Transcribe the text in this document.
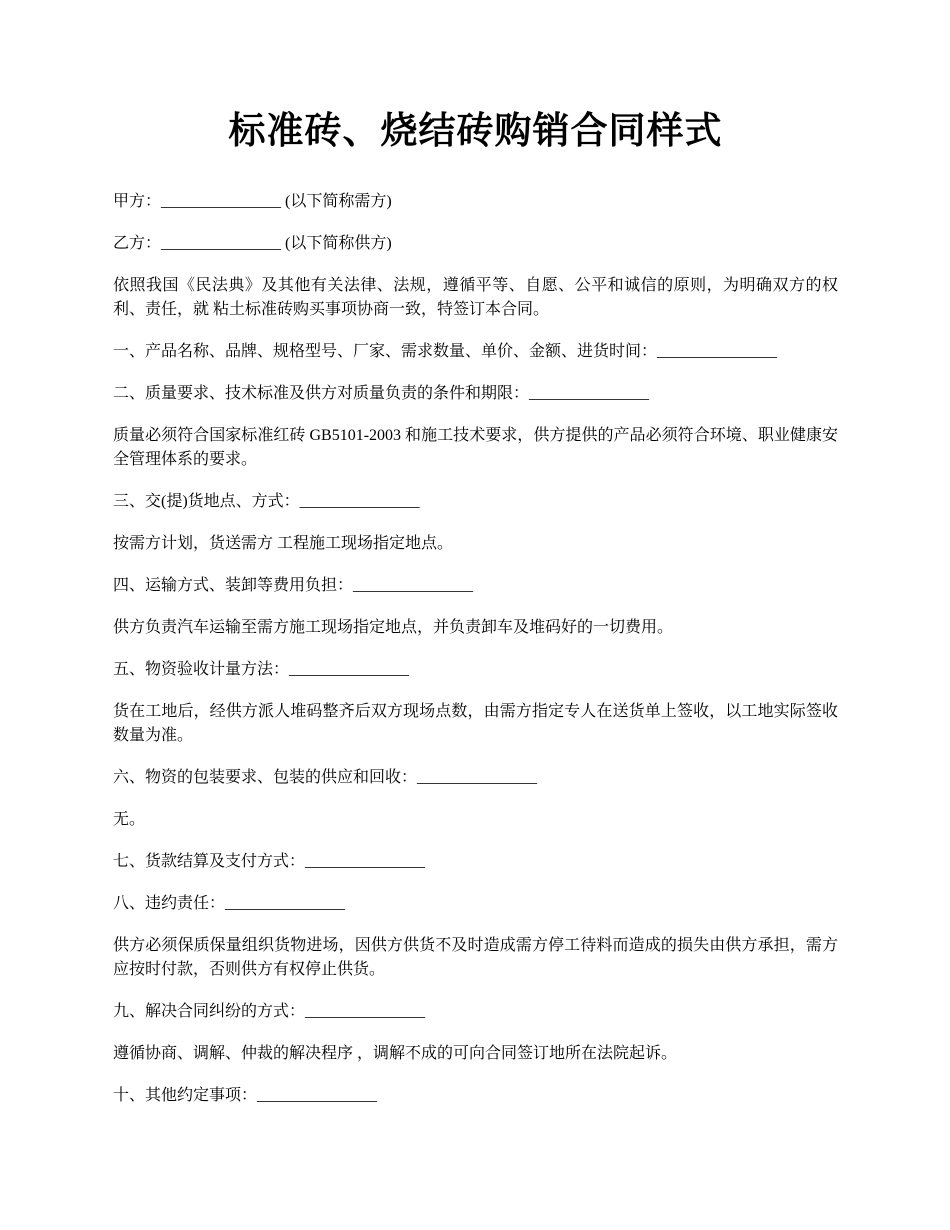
标准砖、烧结砖购销合同样式

甲方：_______________ (以下简称需方)

乙方：_______________ (以下简称供方)

依照我国《民法典》及其他有关法律、法规，遵循平等、自愿、公平和诚信的原则，为明确双方的权利、责任，就 粘土标准砖购买事项协商一致，特签订本合同。

一、产品名称、品牌、规格型号、厂家、需求数量、单价、金额、进货时间：_______________

二、质量要求、技术标准及供方对质量负责的条件和期限：_______________

质量必须符合国家标准红砖 GB5101-2003 和施工技术要求，供方提供的产品必须符合环境、职业健康安全管理体系的要求。

三、交(提)货地点、方式：_______________

按需方计划，货送需方 工程施工现场指定地点。

四、运输方式、装卸等费用负担：_______________

供方负责汽车运输至需方施工现场指定地点，并负责卸车及堆码好的一切费用。

五、物资验收计量方法：_______________

货在工地后，经供方派人堆码整齐后双方现场点数，由需方指定专人在送货单上签收，以工地实际签收数量为准。

六、物资的包装要求、包装的供应和回收：_______________

无。

七、货款结算及支付方式：_______________

八、违约责任：_______________

供方必须保质保量组织货物进场，因供方供货不及时造成需方停工待料而造成的损失由供方承担，需方应按时付款，否则供方有权停止供货。

九、解决合同纠纷的方式：_______________

遵循协商、调解、仲裁的解决程序 ，调解不成的可向合同签订地所在法院起诉。

十、其他约定事项：_______________
